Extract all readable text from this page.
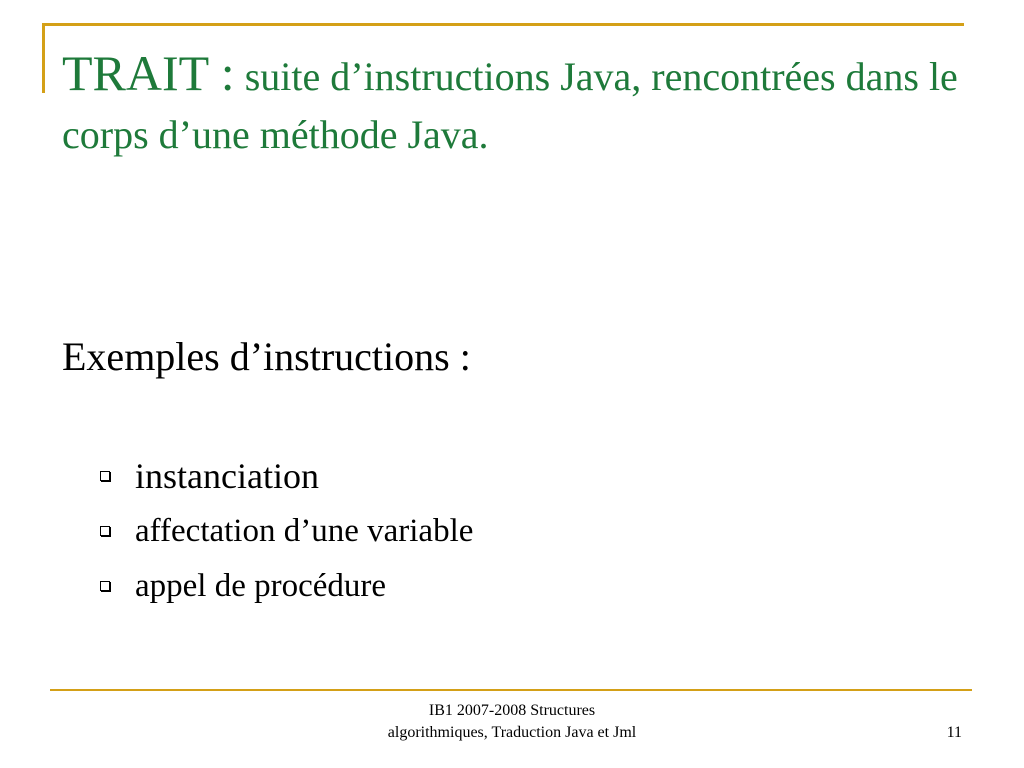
TRAIT : suite d’instructions Java, rencontrées dans le corps d’une méthode Java.

Exemples d’instructions :

instanciation
affectation d’une variable
appel de procédure
IB1 2007-2008 Structures
algorithmiques, Traduction Java et Jml	11
